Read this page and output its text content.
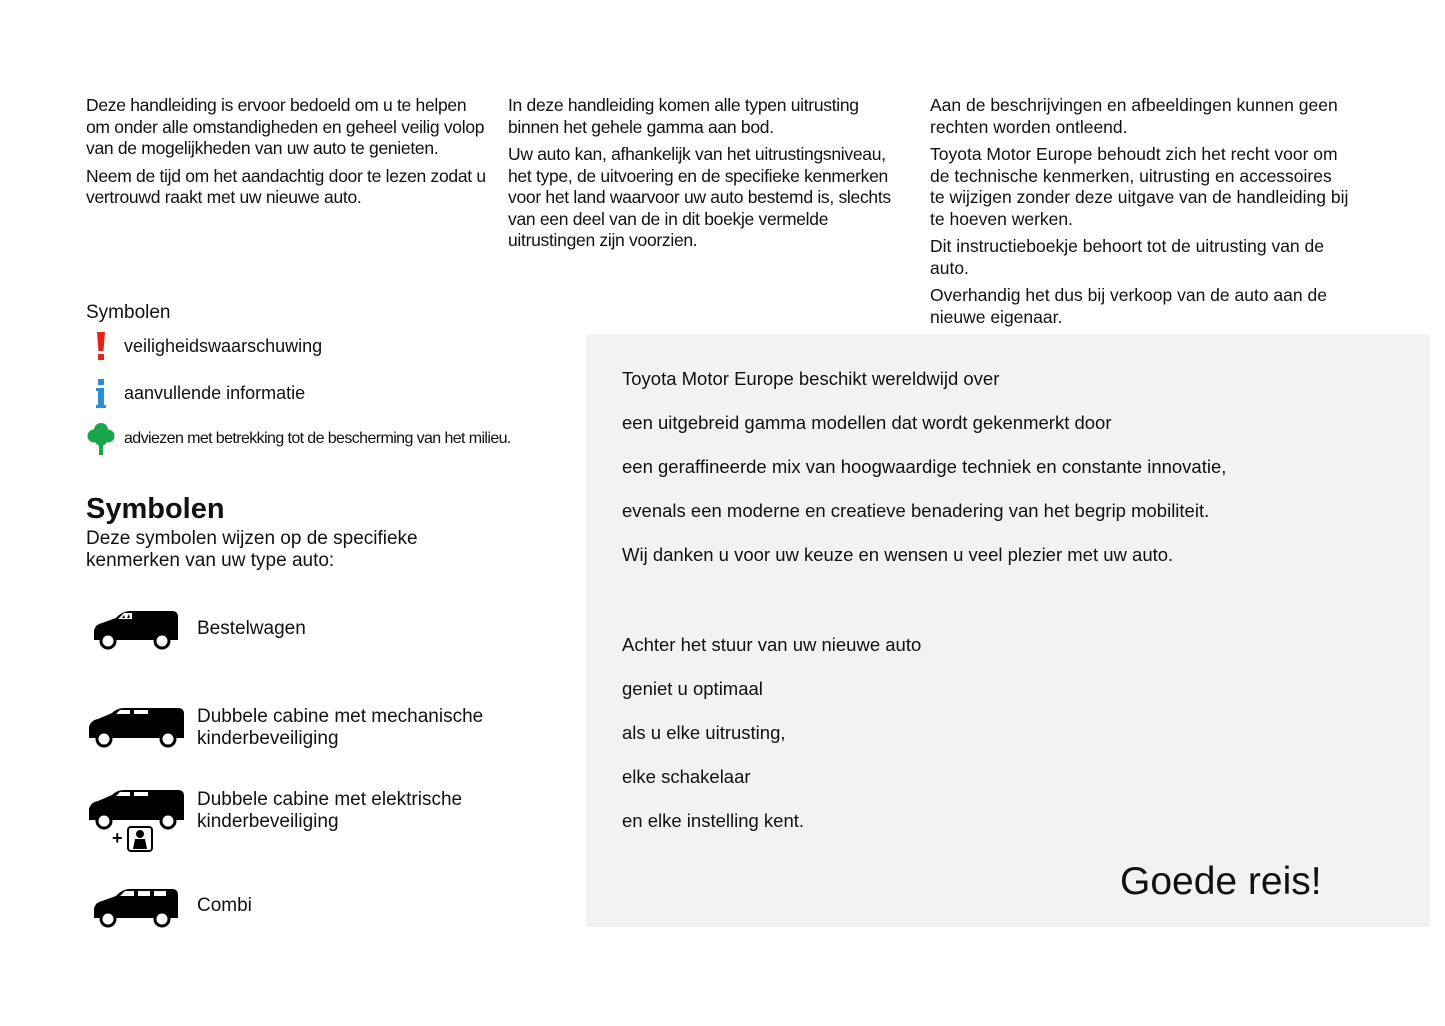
Deze handleiding is ervoor bedoeld om u te helpen om onder alle omstandigheden en geheel veilig volop van de mogelijkheden van uw auto te genieten.

Neem de tijd om het aandachtig door te lezen zodat u vertrouwd raakt met uw nieuwe auto.

In deze handleiding komen alle typen uitrusting binnen het gehele gamma aan bod.

Uw auto kan, afhankelijk van het uitrustingsniveau, het type, de uitvoering en de specifieke kenmerken voor het land waarvoor uw auto bestemd is, slechts van een deel van de in dit boekje vermelde uitrustingen zijn voorzien.

Aan de beschrijvingen en afbeeldingen kunnen geen rechten worden ontleend.

Toyota Motor Europe behoudt zich het recht voor om de technische kenmerken, uitrusting en accessoires te wijzigen zonder deze uitgave van de handleiding bij te hoeven werken.

Dit instructieboekje behoort tot de uitrusting van de auto.

Overhandig het dus bij verkoop van de auto aan de nieuwe eigenaar.

Symbolen
veiligheidswaarschuwing
aanvullende informatie
adviezen met betrekking tot de bescherming van het milieu.
Symbolen
Deze symbolen wijzen op de specifieke kenmerken van uw type auto:
Bestelwagen
Dubbele cabine met mechanische kinderbeveiliging
+
Dubbele cabine met elektrische kinderbeveiliging
Combi
Toyota Motor Europe beschikt wereldwijd over
een uitgebreid gamma modellen dat wordt gekenmerkt door
een geraffineerde mix van hoogwaardige techniek en constante innovatie,
evenals een moderne en creatieve benadering van het begrip mobiliteit.
Wij danken u voor uw keuze en wensen u veel plezier met uw auto.
Achter het stuur van uw nieuwe auto
geniet u optimaal
als u elke uitrusting,
elke schakelaar
en elke instelling kent.
Goede reis!
